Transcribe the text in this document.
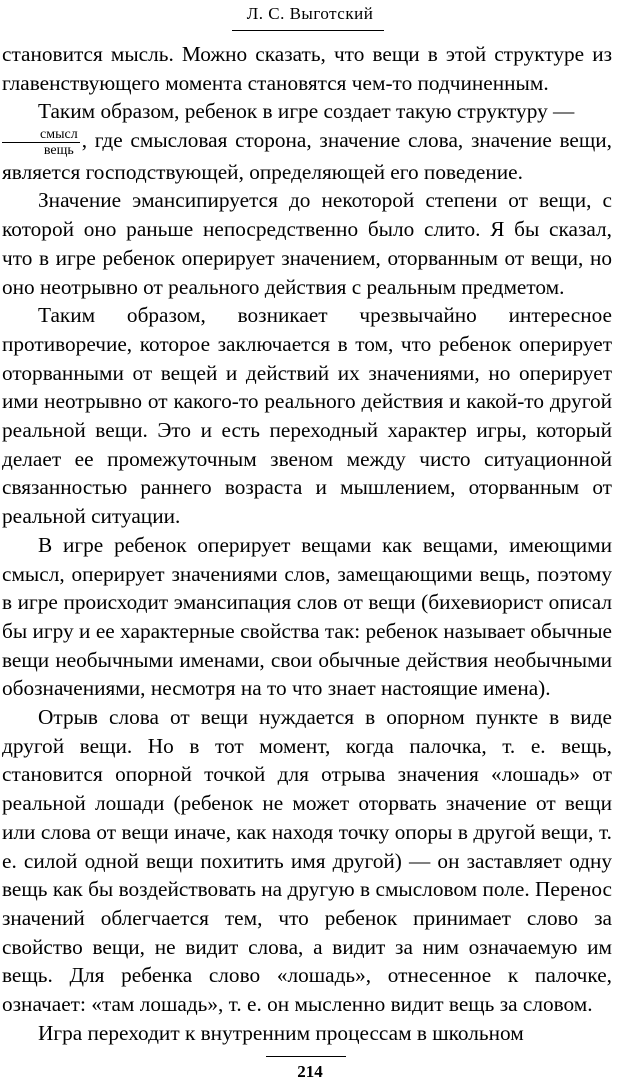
Л. С. Выготский

становится мысль. Можно сказать, что вещи в этой структуре из главенствующего момента становятся чем-то подчиненным.

Таким образом, ребенок в игре создает такую структуру —

$\frac{\text{смысл}}{\text{вещь}}$ , где смысловая сторона, значение слова, значение вещи, является господствующей, определяющей его поведение.

Значение эмансипируется до некоторой степени от вещи, с которой оно раньше непосредственно было слито. Я бы сказал, что в игре ребенок оперирует значением, оторванным от вещи, но оно неотрывно от реального действия с реальным предметом.

Таким образом, возникает чрезвычайно интересное противоречие, которое заключается в том, что ребенок оперирует оторванными от вещей и действий их значениями, но оперирует ими неотрывно от какого-то реального действия и какой-то другой реальной вещи. Это и есть переходный характер игры, который делает ее промежуточным звеном между чисто ситуационной связанностью раннего возраста и мышлением, оторванным от реальной ситуации.

В игре ребенок оперирует вещами как вещами, имеющими смысл, оперирует значениями слов, замещающими вещь, поэтому в игре происходит эмансипация слов от вещи (бихевиорист описал бы игру и ее характерные свойства так: ребенок называет обычные вещи необычными именами, свои обычные действия необычными обозначениями, несмотря на то что знает настоящие имена).

Отрыв слова от вещи нуждается в опорном пункте в виде другой вещи. Но в тот момент, когда палочка, т. е. вещь, становится опорной точкой для отрыва значения «лошадь» от реальной лошади (ребенок не может оторвать значение от вещи или слова от вещи иначе, как находя точку опоры в другой вещи, т. е. силой одной вещи похитить имя другой) — он заставляет одну вещь как бы воздействовать на другую в смысловом поле. Перенос значений облегчается тем, что ребенок принимает слово за свойство вещи, не видит слова, а видит за ним означаемую им вещь. Для ребенка слово «лошадь», отнесенное к палочке, означает: «там лошадь», т. е. он мысленно видит вещь за словом.

Игра переходит к внутренним процессам в школьном

214
